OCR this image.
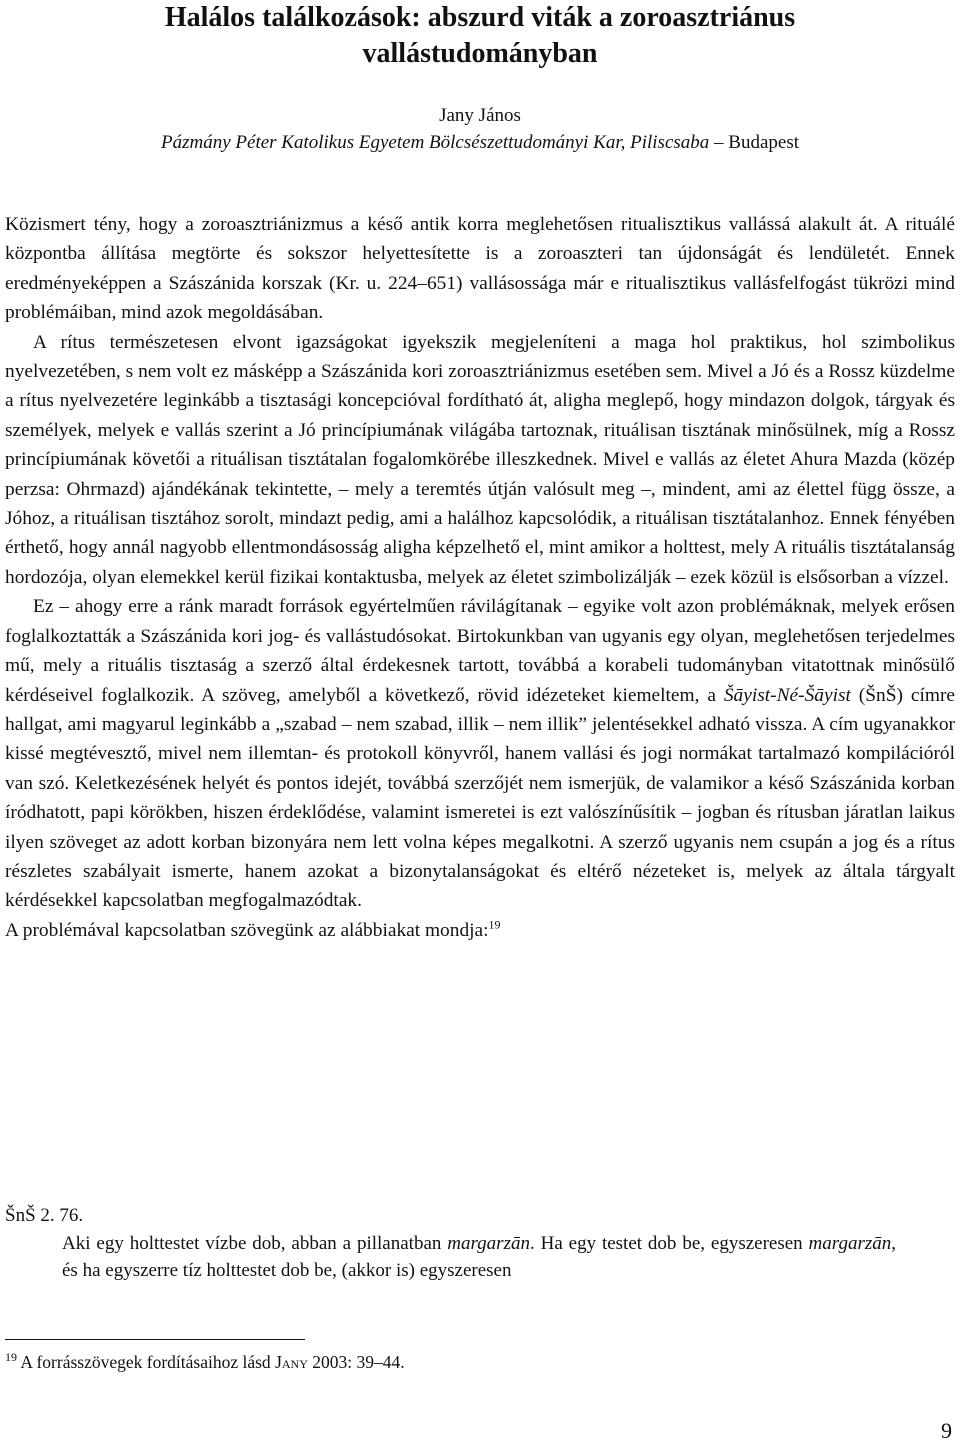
Halálos találkozások: abszurd viták a zoroasztriánus
vallástudományban
Jany János
Pázmány Péter Katolikus Egyetem Bölcsészettudományi Kar, Piliscsaba – Budapest

Közismert tény, hogy a zoroasztriánizmus a késő antik korra meglehetősen ritualisztikus vallássá alakult át. A rituálé központba állítása megtörte és sokszor helyettesítette is a zoroaszteri tan újdonságát és lendületét. Ennek eredményeképpen a Szászánida korszak (Kr. u. 224–651) vallásossága már e ritualisztikus vallásfelfogást tükrözi mind problémáiban, mind azok megoldásában.

A rítus természetesen elvont igazságokat igyekszik megjeleníteni a maga hol praktikus, hol szimbolikus nyelvezetében, s nem volt ez másképp a Szászánida kori zoroasztriánizmus esetében sem. Mivel a Jó és a Rossz küzdelme a rítus nyelvezetére leginkább a tisztasági koncepcióval fordítható át, aligha meglepő, hogy mindazon dolgok, tárgyak és személyek, melyek e vallás szerint a Jó princípiumának világába tartoznak, rituálisan tisztának minősülnek, míg a Rossz princípiumának követői a rituálisan tisztátalan fogalomkörébe illeszkednek. Mivel e vallás az életet Ahura Mazda (közép perzsa: Ohrmazd) ajándékának tekintette, – mely a teremtés útján valósult meg –, mindent, ami az élettel függ össze, a Jóhoz, a rituálisan tisztához sorolt, mindazt pedig, ami a halálhoz kapcsolódik, a rituálisan tisztátalanhoz. Ennek fényében érthető, hogy annál nagyobb ellentmondásosság aligha képzelhető el, mint amikor a holttest, mely A rituális tisztátalanság hordozója, olyan elemekkel kerül fizikai kontaktusba, melyek az életet szimbolizálják – ezek közül is elsősorban a vízzel.

Ez – ahogy erre a ránk maradt források egyértelműen rávilágítanak – egyike volt azon problémáknak, melyek erősen foglalkoztatták a Szászánida kori jog- és vallástudósokat. Birtokunkban van ugyanis egy olyan, meglehetősen terjedelmes mű, mely a rituális tisztaság a szerző által érdekesnek tartott, továbbá a korabeli tudományban vitatottnak minősülő kérdéseivel foglalkozik. A szöveg, amelyből a következő, rövid idézeteket kiemeltem, a Šāyist-Né-Šāyist (ŠnŠ) címre hallgat, ami magyarul leginkább a „szabad – nem szabad, illik – nem illik” jelentésekkel adható vissza. A cím ugyanakkor kissé megtévesztő, mivel nem illemtan- és protokoll könyvről, hanem vallási és jogi normákat tartalmazó kompilációról van szó. Keletkezésének helyét és pontos idejét, továbbá szerzőjét nem ismerjük, de valamikor a késő Szászánida korban íródhatott, papi körökben, hiszen érdeklődése, valamint ismeretei is ezt valószínűsítik – jogban és rítusban járatlan laikus ilyen szöveget az adott korban bizonyára nem lett volna képes megalkotni. A szerző ugyanis nem csupán a jog és a rítus részletes szabályait ismerte, hanem azokat a bizonytalanságokat és eltérő nézeteket is, melyek az általa tárgyalt kérdésekkel kapcsolatban megfogalmazódtak.

A problémával kapcsolatban szövegünk az alábbiakat mondja:$^{19}$

ŠnŠ 2. 76.
Aki egy holttestet vízbe dob, abban a pillanatban margarzān. Ha egy testet dob be, egyszeresen margarzān, és ha egyszerre tíz holttestet dob be, (akkor is) egyszeresen
$^{19}$ A forrásszövegek fordításaihoz lásd Jany 2003: 39–44.
9
